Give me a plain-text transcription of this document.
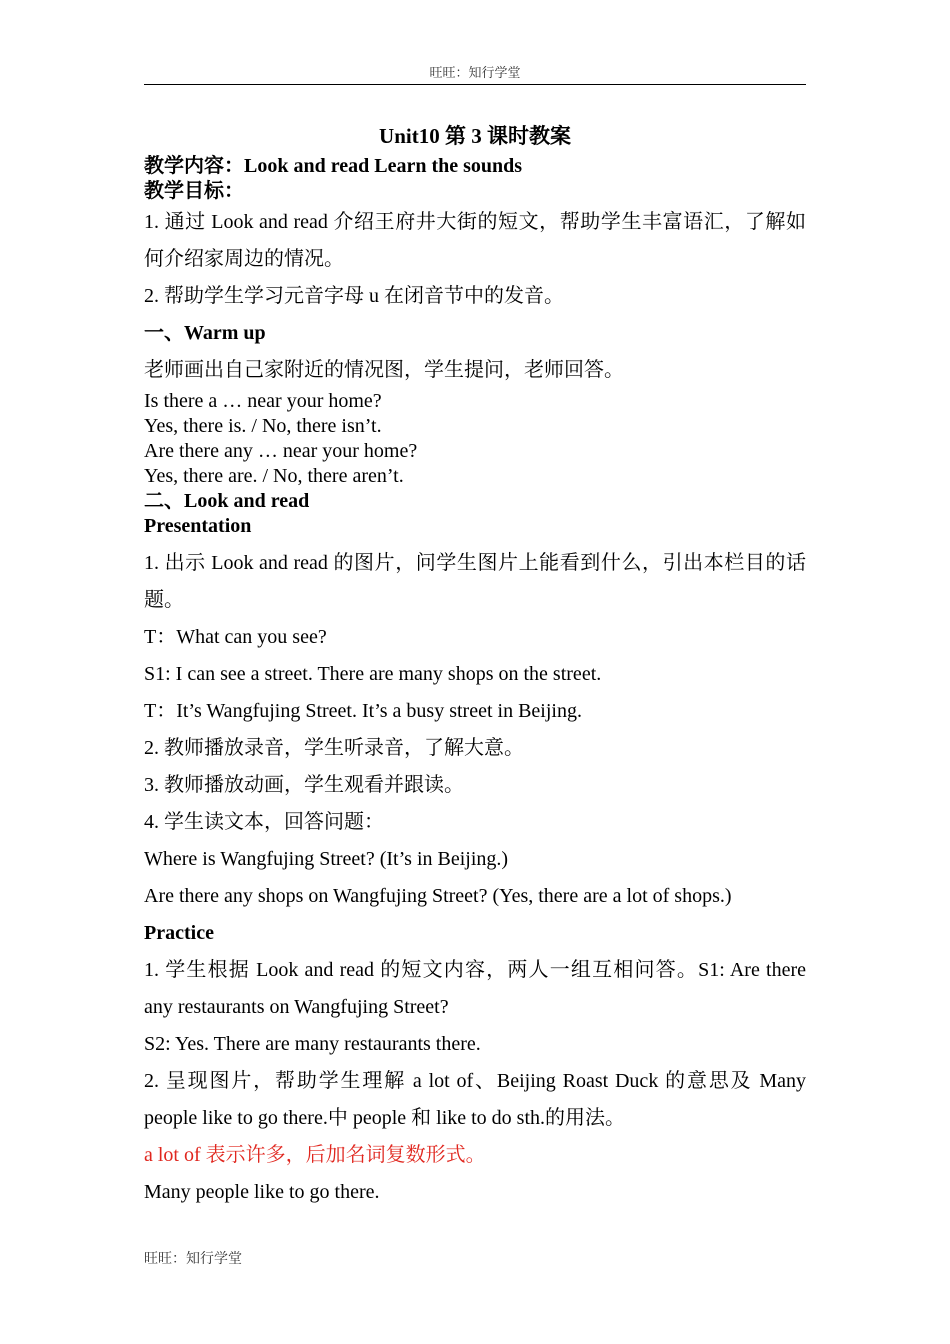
旺旺：知行学堂
Unit10 第 3 课时教案
教学内容：Look and read Learn the sounds
教学目标：
1. 通过 Look and read 介绍王府井大街的短文，帮助学生丰富语汇，了解如何介绍家周边的情况。
2. 帮助学生学习元音字母 u 在闭音节中的发音。
一、Warm up
老师画出自己家附近的情况图，学生提问，老师回答。
Is there a … near your home?
Yes, there is. / No, there isn’t.
Are there any … near your home?
Yes, there are. / No, there aren’t.
二、Look and read
Presentation
1. 出示 Look and read 的图片，问学生图片上能看到什么，引出本栏目的话题。
T：What can you see?
S1: I can see a street. There are many shops on the street.
T：It’s Wangfujing Street. It’s a busy street in Beijing.
2. 教师播放录音，学生听录音，了解大意。
3. 教师播放动画，学生观看并跟读。
4. 学生读文本，回答问题：
Where is Wangfujing Street? (It’s in Beijing.)
Are there any shops on Wangfujing Street? (Yes, there are a lot of shops.)
Practice
1. 学生根据 Look and read 的短文内容，两人一组互相问答。S1: Are there any restaurants on Wangfujing Street?
S2: Yes. There are many restaurants there.
2. 呈现图片，帮助学生理解 a lot of、Beijing Roast Duck 的意思及 Many people like to go there.中 people 和 like to do sth.的用法。
a lot of 表示许多，后加名词复数形式。
Many people like to go there.
旺旺：知行学堂
